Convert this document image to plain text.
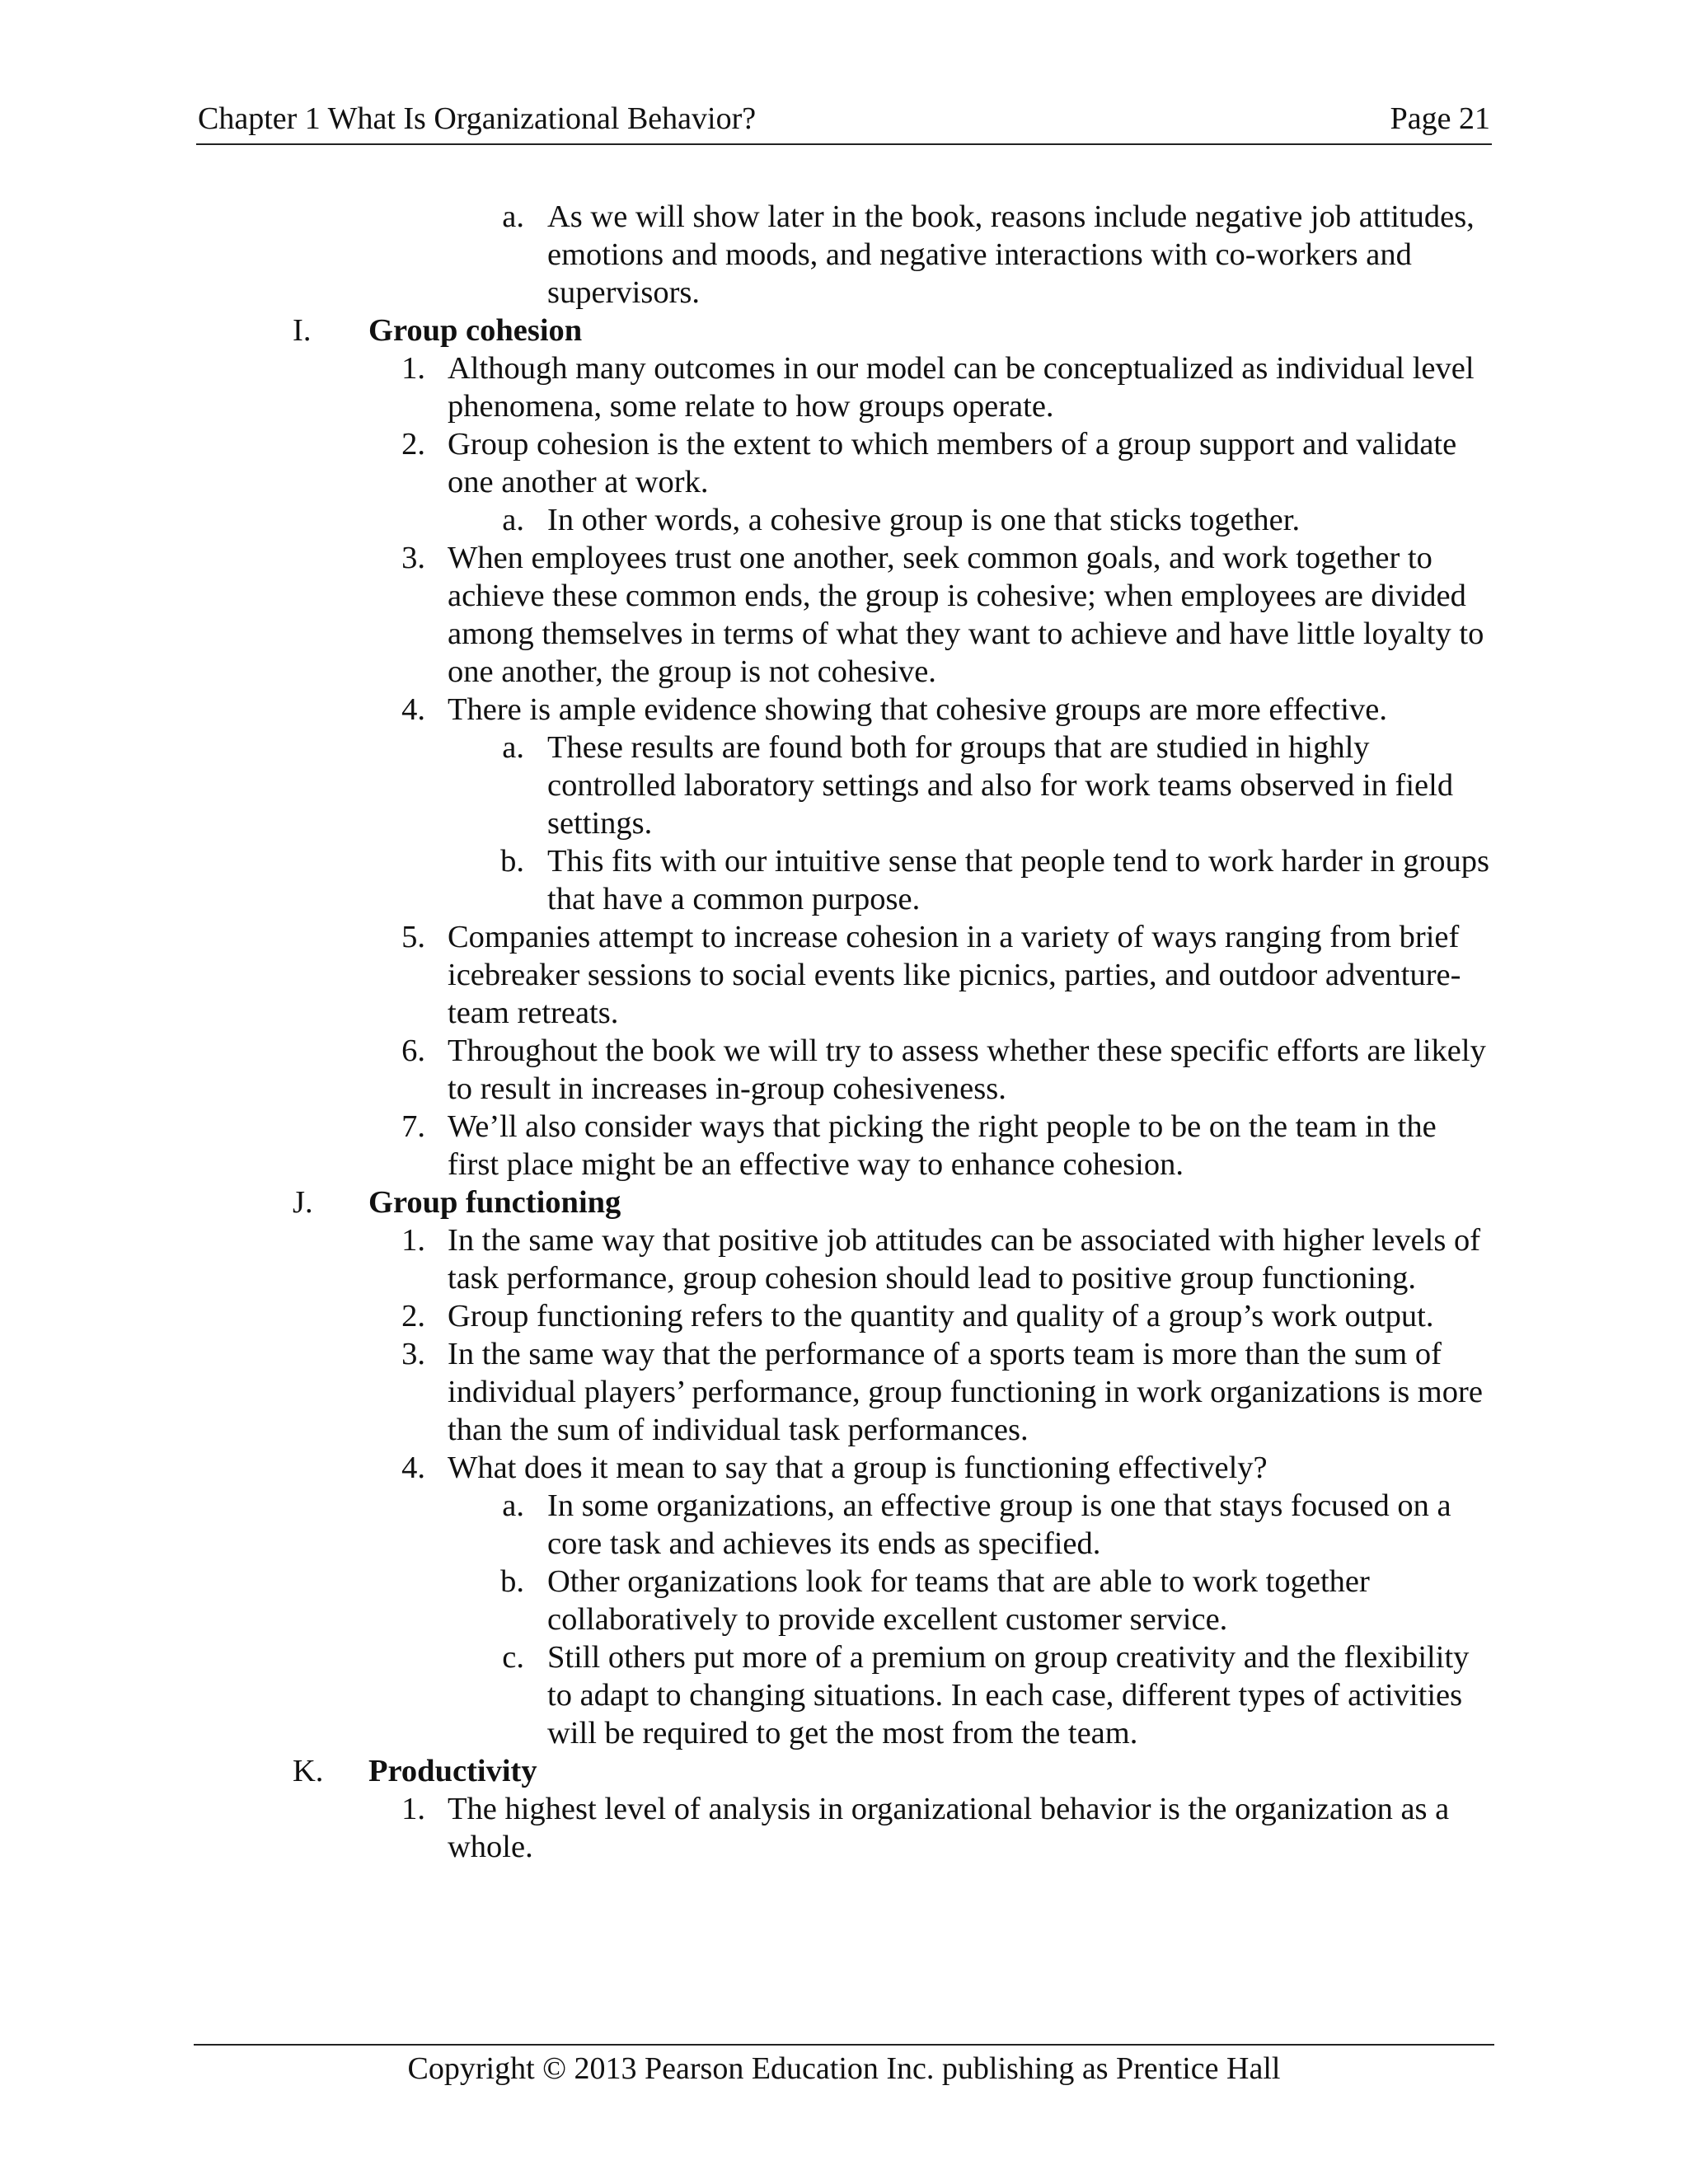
Chapter 1 What Is Organizational Behavior?	Page 21
a. As we will show later in the book, reasons include negative job attitudes, emotions and moods, and negative interactions with co-workers and supervisors.
I. Group cohesion
1. Although many outcomes in our model can be conceptualized as individual level phenomena, some relate to how groups operate.
2. Group cohesion is the extent to which members of a group support and validate one another at work.
a. In other words, a cohesive group is one that sticks together.
3. When employees trust one another, seek common goals, and work together to achieve these common ends, the group is cohesive; when employees are divided among themselves in terms of what they want to achieve and have little loyalty to one another, the group is not cohesive.
4. There is ample evidence showing that cohesive groups are more effective.
a. These results are found both for groups that are studied in highly controlled laboratory settings and also for work teams observed in field settings.
b. This fits with our intuitive sense that people tend to work harder in groups that have a common purpose.
5. Companies attempt to increase cohesion in a variety of ways ranging from brief icebreaker sessions to social events like picnics, parties, and outdoor adventure-team retreats.
6. Throughout the book we will try to assess whether these specific efforts are likely to result in increases in-group cohesiveness.
7. We’ll also consider ways that picking the right people to be on the team in the first place might be an effective way to enhance cohesion.
J. Group functioning
1. In the same way that positive job attitudes can be associated with higher levels of task performance, group cohesion should lead to positive group functioning.
2. Group functioning refers to the quantity and quality of a group’s work output.
3. In the same way that the performance of a sports team is more than the sum of individual players’ performance, group functioning in work organizations is more than the sum of individual task performances.
4. What does it mean to say that a group is functioning effectively?
a. In some organizations, an effective group is one that stays focused on a core task and achieves its ends as specified.
b. Other organizations look for teams that are able to work together collaboratively to provide excellent customer service.
c. Still others put more of a premium on group creativity and the flexibility to adapt to changing situations. In each case, different types of activities will be required to get the most from the team.
K. Productivity
1. The highest level of analysis in organizational behavior is the organization as a whole.
Copyright © 2013 Pearson Education Inc. publishing as Prentice Hall
